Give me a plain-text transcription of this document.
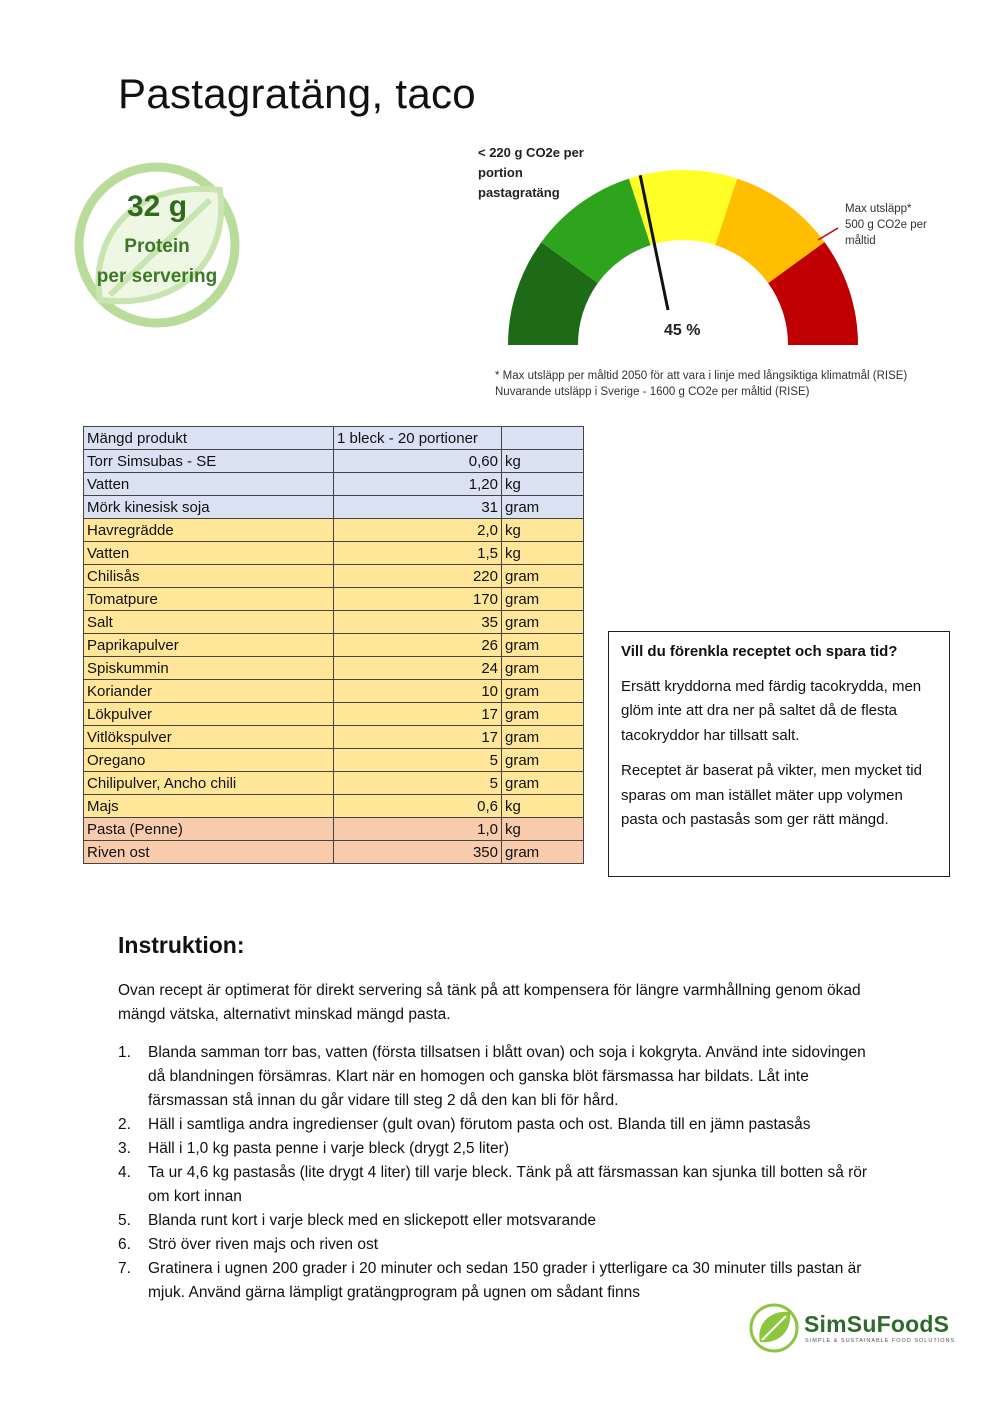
Pastagratäng, taco
32 g
Protein
per servering
< 220 g CO2e per
portion
pastagratäng
Max utsläpp*
500 g CO2e per
måltid
45 %
* Max utsläpp per måltid 2050 för att vara i linje med långsiktiga klimatmål (RISE)
Nuvarande utsläpp i Sverige - 1600 g CO2e per måltid (RISE)
Mängd produkt	1 bleck - 20 portioner	
Torr Simsubas - SE	0,60	kg
Vatten	1,20	kg
Mörk kinesisk soja	31	gram
Havregrädde	2,0	kg
Vatten	1,5	kg
Chilisås	220	gram
Tomatpure	170	gram
Salt	35	gram
Paprikapulver	26	gram
Spiskummin	24	gram
Koriander	10	gram
Lökpulver	17	gram
Vitlökspulver	17	gram
Oregano	5	gram
Chilipulver, Ancho chili	5	gram
Majs	0,6	kg
Pasta (Penne)	1,0	kg
Riven ost	350	gram
Vill du förenkla receptet och spara tid?

Ersätt kryddorna med färdig tacokrydda, men glöm inte att dra ner på saltet då de flesta tacokryddor har tillsatt salt.

Receptet är baserat på vikter, men mycket tid sparas om man istället mäter upp volymen pasta och pastasås som ger rätt mängd.

Instruktion:

Ovan recept är optimerat för direkt servering så tänk på att kompensera för längre varmhållning genom ökad mängd vätska, alternativt minskad mängd pasta.

1. Blanda samman torr bas, vatten (första tillsatsen i blått ovan) och soja i kokgryta. Använd inte sidovingen då blandningen försämras. Klart när en homogen och ganska blöt färsmassa har bildats. Låt inte färsmassan stå innan du går vidare till steg 2 då den kan bli för hård.
2. Häll i samtliga andra ingredienser (gult ovan) förutom pasta och ost. Blanda till en jämn pastasås
3. Häll i 1,0 kg pasta penne i varje bleck (drygt 2,5 liter)
4. Ta ur 4,6 kg pastasås (lite drygt 4 liter) till varje bleck. Tänk på att färsmassan kan sjunka till botten så rör om kort innan
5. Blanda runt kort i varje bleck med en slickepott eller motsvarande
6. Strö över riven majs och riven ost
7. Gratinera i ugnen 200 grader i 20 minuter och sedan 150 grader i ytterligare ca 30 minuter tills pastan är mjuk. Använd gärna lämpligt gratängprogram på ugnen om sådant finns
SimSuFoodS
SIMPLE & SUSTAINABLE FOOD SOLUTIONS
